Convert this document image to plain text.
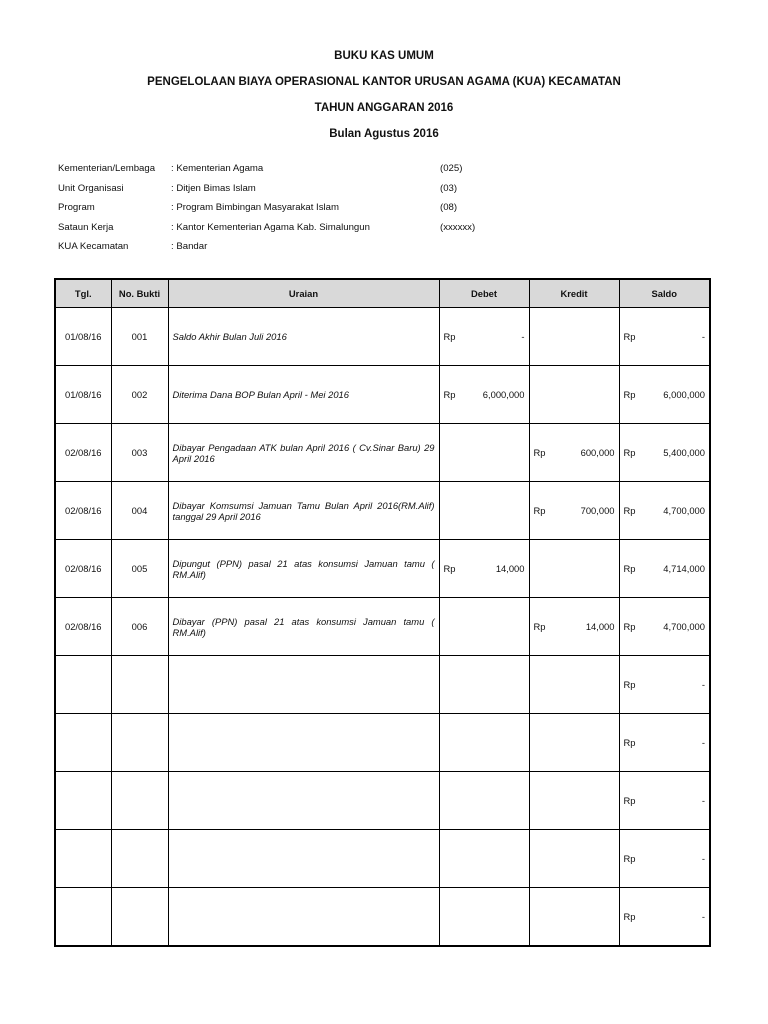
BUKU KAS UMUM
PENGELOLAAN BIAYA OPERASIONAL KANTOR URUSAN AGAMA (KUA) KECAMATAN
TAHUN ANGGARAN 2016
Bulan Agustus 2016
Kementerian/Lembaga : Kementerian Agama	(025)
Unit Organisasi	: Ditjen Bimas Islam	(03)
Program	: Program Bimbingan Masyarakat Islam	(08)
Sataun Kerja	: Kantor Kementerian Agama Kab. Simalungun	(xxxxxx)
KUA Kecamatan	: Bandar
Tgl.	No. Bukti	Uraian	Debet	Kredit	Saldo
01/08/16	001	Saldo Akhir Bulan Juli 2016	Rp -		Rp -

01/08/16	002	Diterima Dana BOP Bulan April - Mei 2016	Rp 6,000,000		Rp 6,000,000

02/08/16	003	Dibayar Pengadaan ATK bulan April 2016 ( Cv.Sinar Baru) 29 April 2016		Rp 600,000	Rp 5,400,000

02/08/16	004	Dibayar Komsumsi Jamuan Tamu Bulan April 2016(RM.Alif) tanggal 29 April 2016		Rp 700,000	Rp 4,700,000

02/08/16	005	Dipungut (PPN) pasal 21 atas konsumsi Jamuan tamu ( RM.Alif)	Rp 14,000		Rp 4,714,000

02/08/16	006	Dibayar (PPN) pasal 21 atas konsumsi Jamuan tamu ( RM.Alif)		Rp 14,000	Rp 4,700,000

					Rp -

					Rp -

					Rp -

					Rp -

					Rp -
